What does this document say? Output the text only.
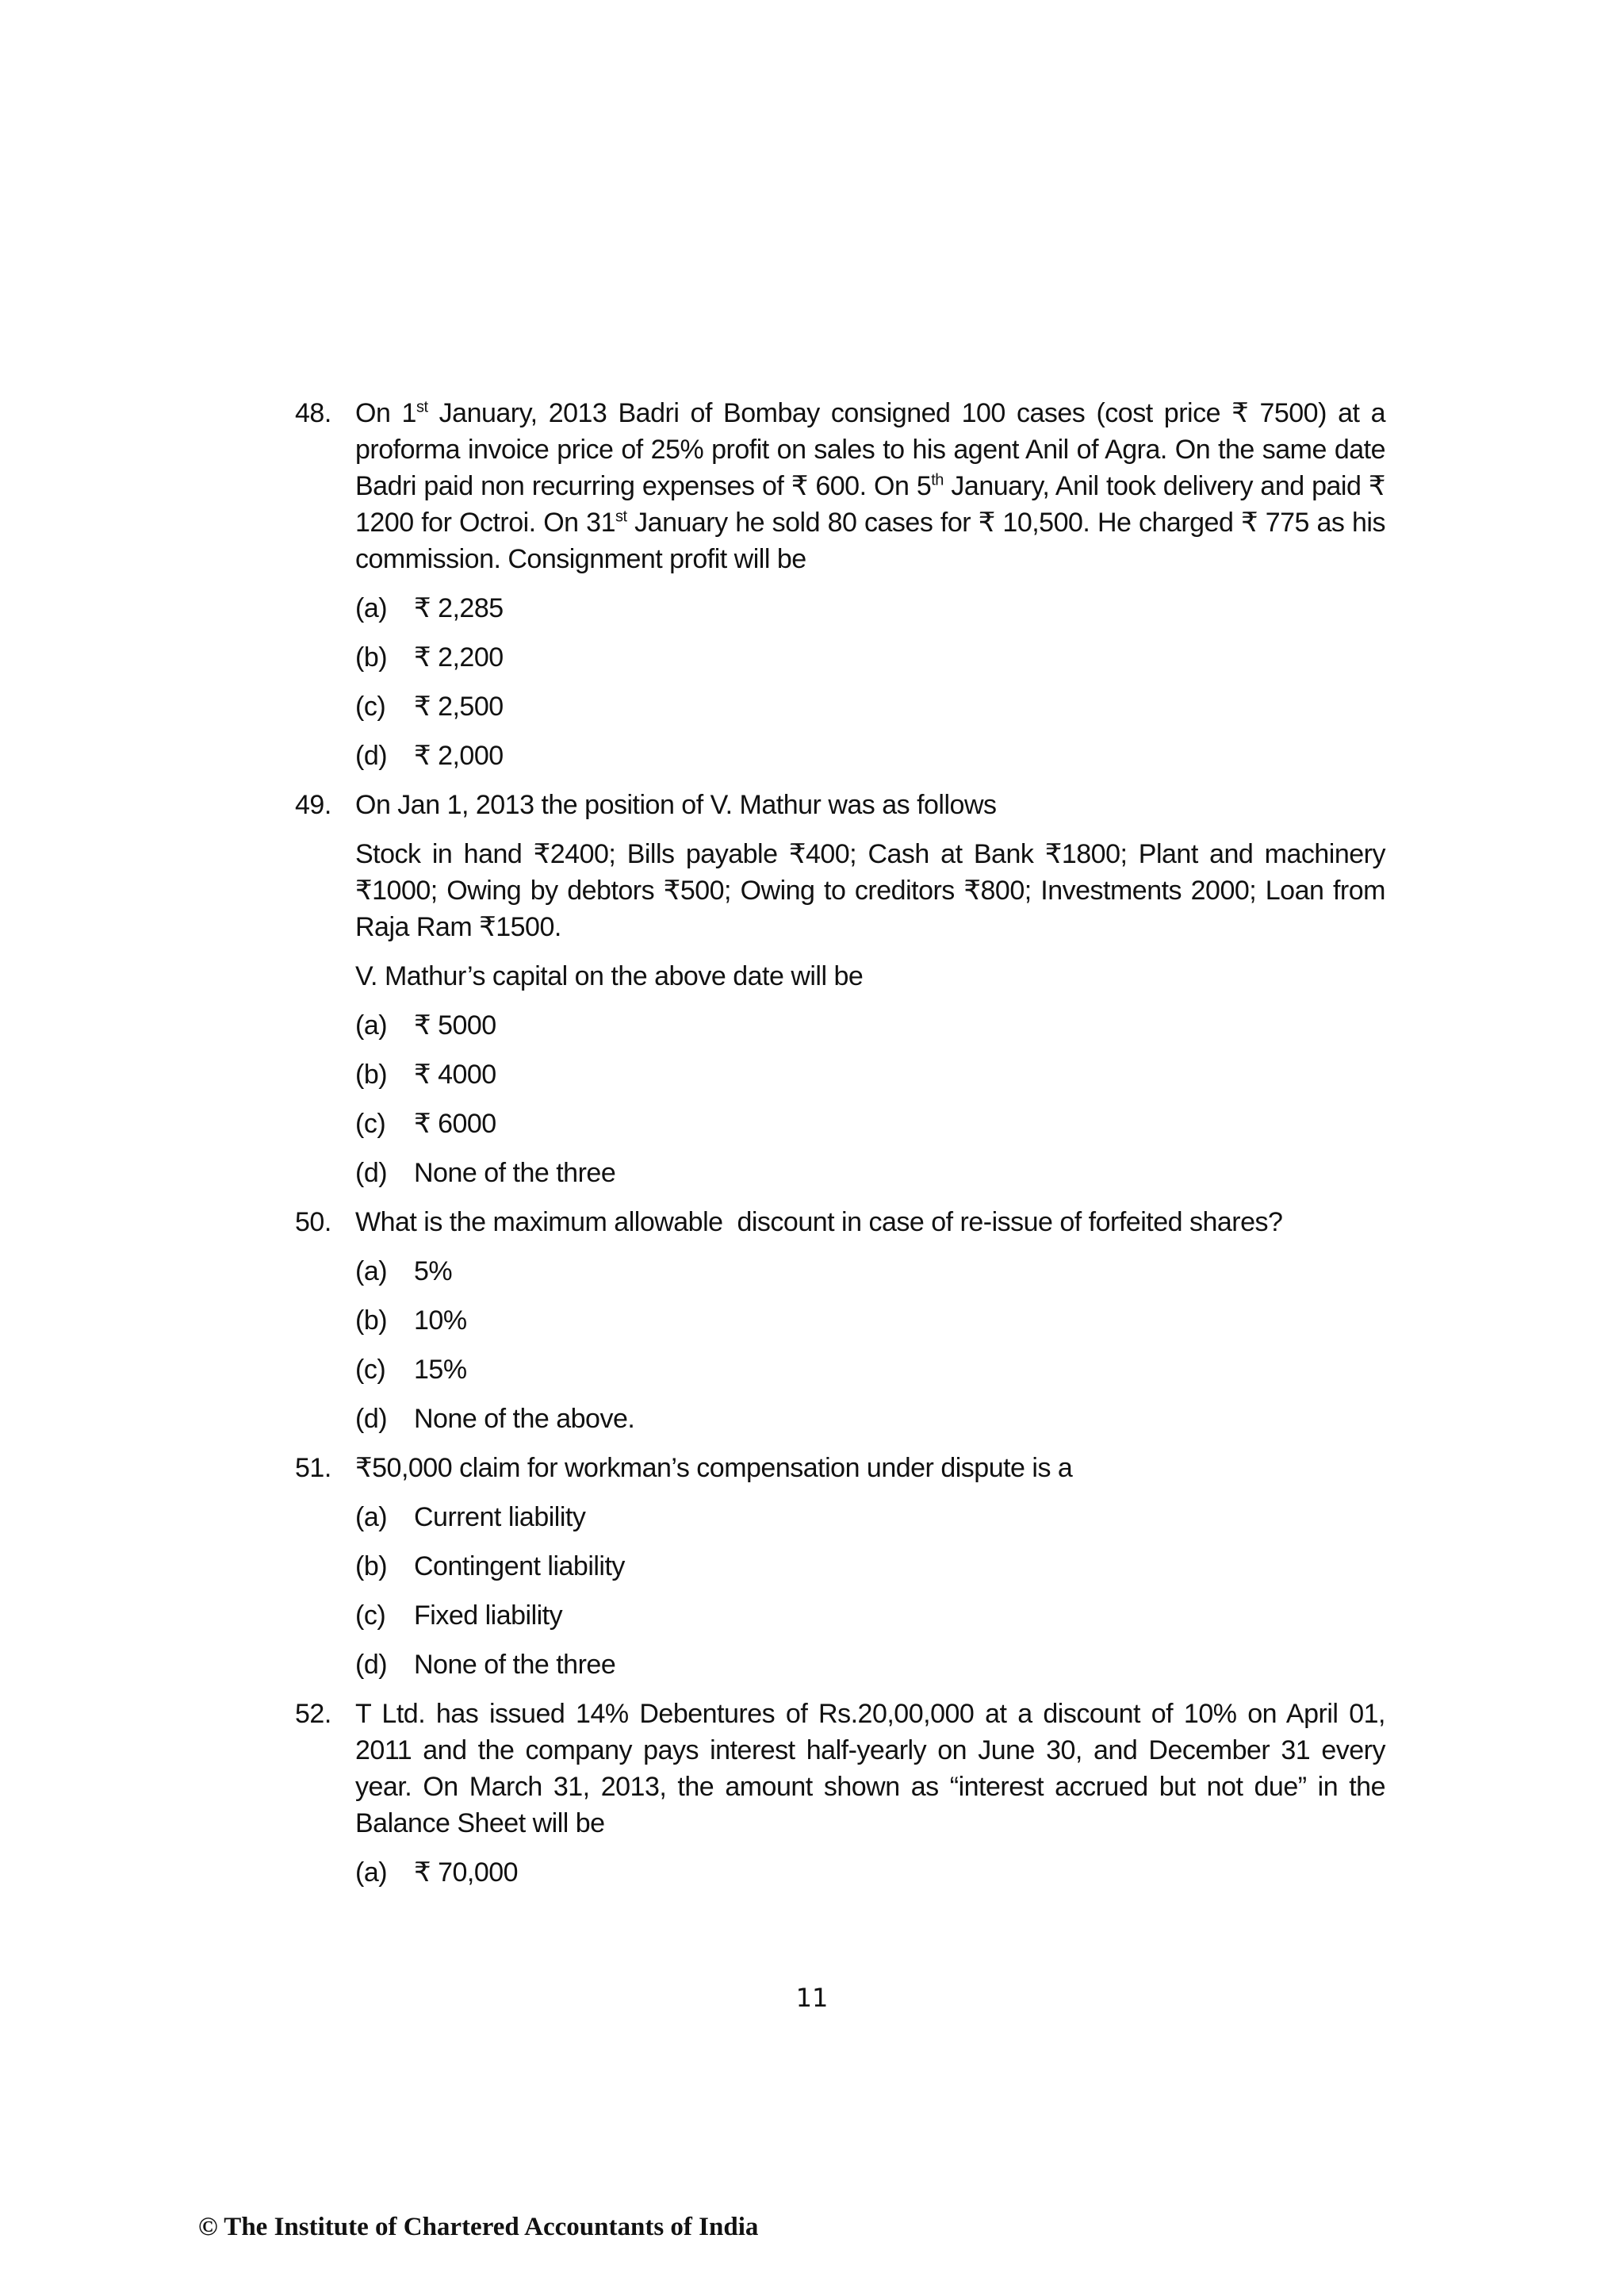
48. On 1st January, 2013 Badri of Bombay consigned 100 cases (cost price ₹ 7500) at a proforma invoice price of 25% profit on sales to his agent Anil of Agra. On the same date Badri paid non recurring expenses of ₹ 600. On 5th January, Anil took delivery and paid ₹ 1200 for Octroi. On 31st January he sold 80 cases for ₹ 10,500. He charged ₹ 775 as his commission. Consignment profit will be

(a) ₹ 2,285
(b) ₹ 2,200
(c)	₹ 2,500
(d) ₹ 2,000
49. On Jan 1, 2013 the position of V. Mathur was as follows

Stock in hand ₹2400; Bills payable ₹400; Cash at Bank ₹1800; Plant and machinery ₹1000; Owing by debtors ₹500; Owing to creditors ₹800; Investments 2000; Loan from Raja Ram ₹1500.

V. Mathur’s capital on the above date will be

(a) ₹ 5000
(b) ₹ 4000
(c)	₹ 6000
(d) None of the three
50. What is the maximum allowable  discount in case of re-issue of forfeited shares?

(a) 5%
(b) 10%
(c)	15%
(d) None of the above.
51. ₹50,000 claim for workman’s compensation under dispute is a

(a) Current liability
(b) Contingent liability
(c)	Fixed liability
(d) None of the three
52. T Ltd. has issued 14% Debentures of Rs.20,00,000 at a discount of 10% on April 01, 2011 and the company pays interest half-yearly on June 30, and December 31 every year. On March 31, 2013, the amount shown as “interest accrued but not due” in the Balance Sheet will be

(a) ₹ 70,000
11
© The Institute of Chartered Accountants of India
